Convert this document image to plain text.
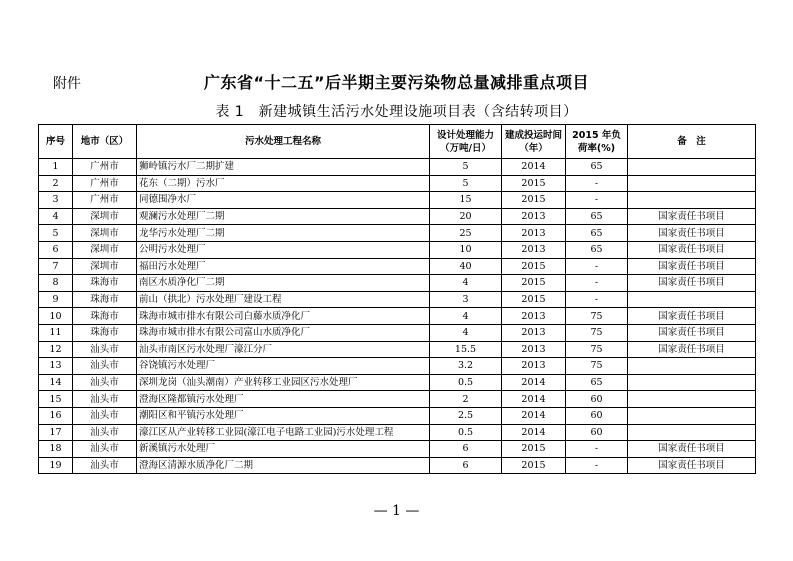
附件	广东省“十二五”后半期主要污染物总量减排重点项目
表 1　新建城镇生活污水处理设施项目表（含结转项目）
序号	地市（区）	污水处理工程名称	设计处理能力（万吨/日）	建成投运时间（年）	2015 年负荷率(%)	备　注
1	广州市	狮岭镇污水厂二期扩建	5	2014	65	
2	广州市	花东（二期）污水厂	5	2015	-	
3	广州市	同德围净水厂	15	2015	-	
4	深圳市	观澜污水处理厂二期	20	2013	65	国家责任书项目
5	深圳市	龙华污水处理厂二期	25	2013	65	国家责任书项目
6	深圳市	公明污水处理厂	10	2013	65	国家责任书项目
7	深圳市	福田污水处理厂	40	2015	-	国家责任书项目
8	珠海市	南区水质净化厂二期	4	2015	-	国家责任书项目
9	珠海市	前山（拱北）污水处理厂建设工程	3	2015	-	
10	珠海市	珠海市城市排水有限公司白藤水质净化厂	4	2013	75	国家责任书项目
11	珠海市	珠海市城市排水有限公司富山水质净化厂	4	2013	75	国家责任书项目
12	汕头市	汕头市南区污水处理厂濠江分厂	15.5	2013	75	国家责任书项目
13	汕头市	谷饶镇污水处理厂	3.2	2013	75	
14	汕头市	深圳龙岗（汕头潮南）产业转移工业园区污水处理厂	0.5	2014	65	
15	汕头市	澄海区隆都镇污水处理厂	2	2014	60	
16	汕头市	潮阳区和平镇污水处理厂	2.5	2014	60	
17	汕头市	濠江区从产业转移工业园(濠江电子电路工业园)污水处理工程	0.5	2014	60	
18	汕头市	新溪镇污水处理厂	6	2015	-	国家责任书项目
19	汕头市	澄海区清源水质净化厂二期	6	2015	-	国家责任书项目
— 1 —
